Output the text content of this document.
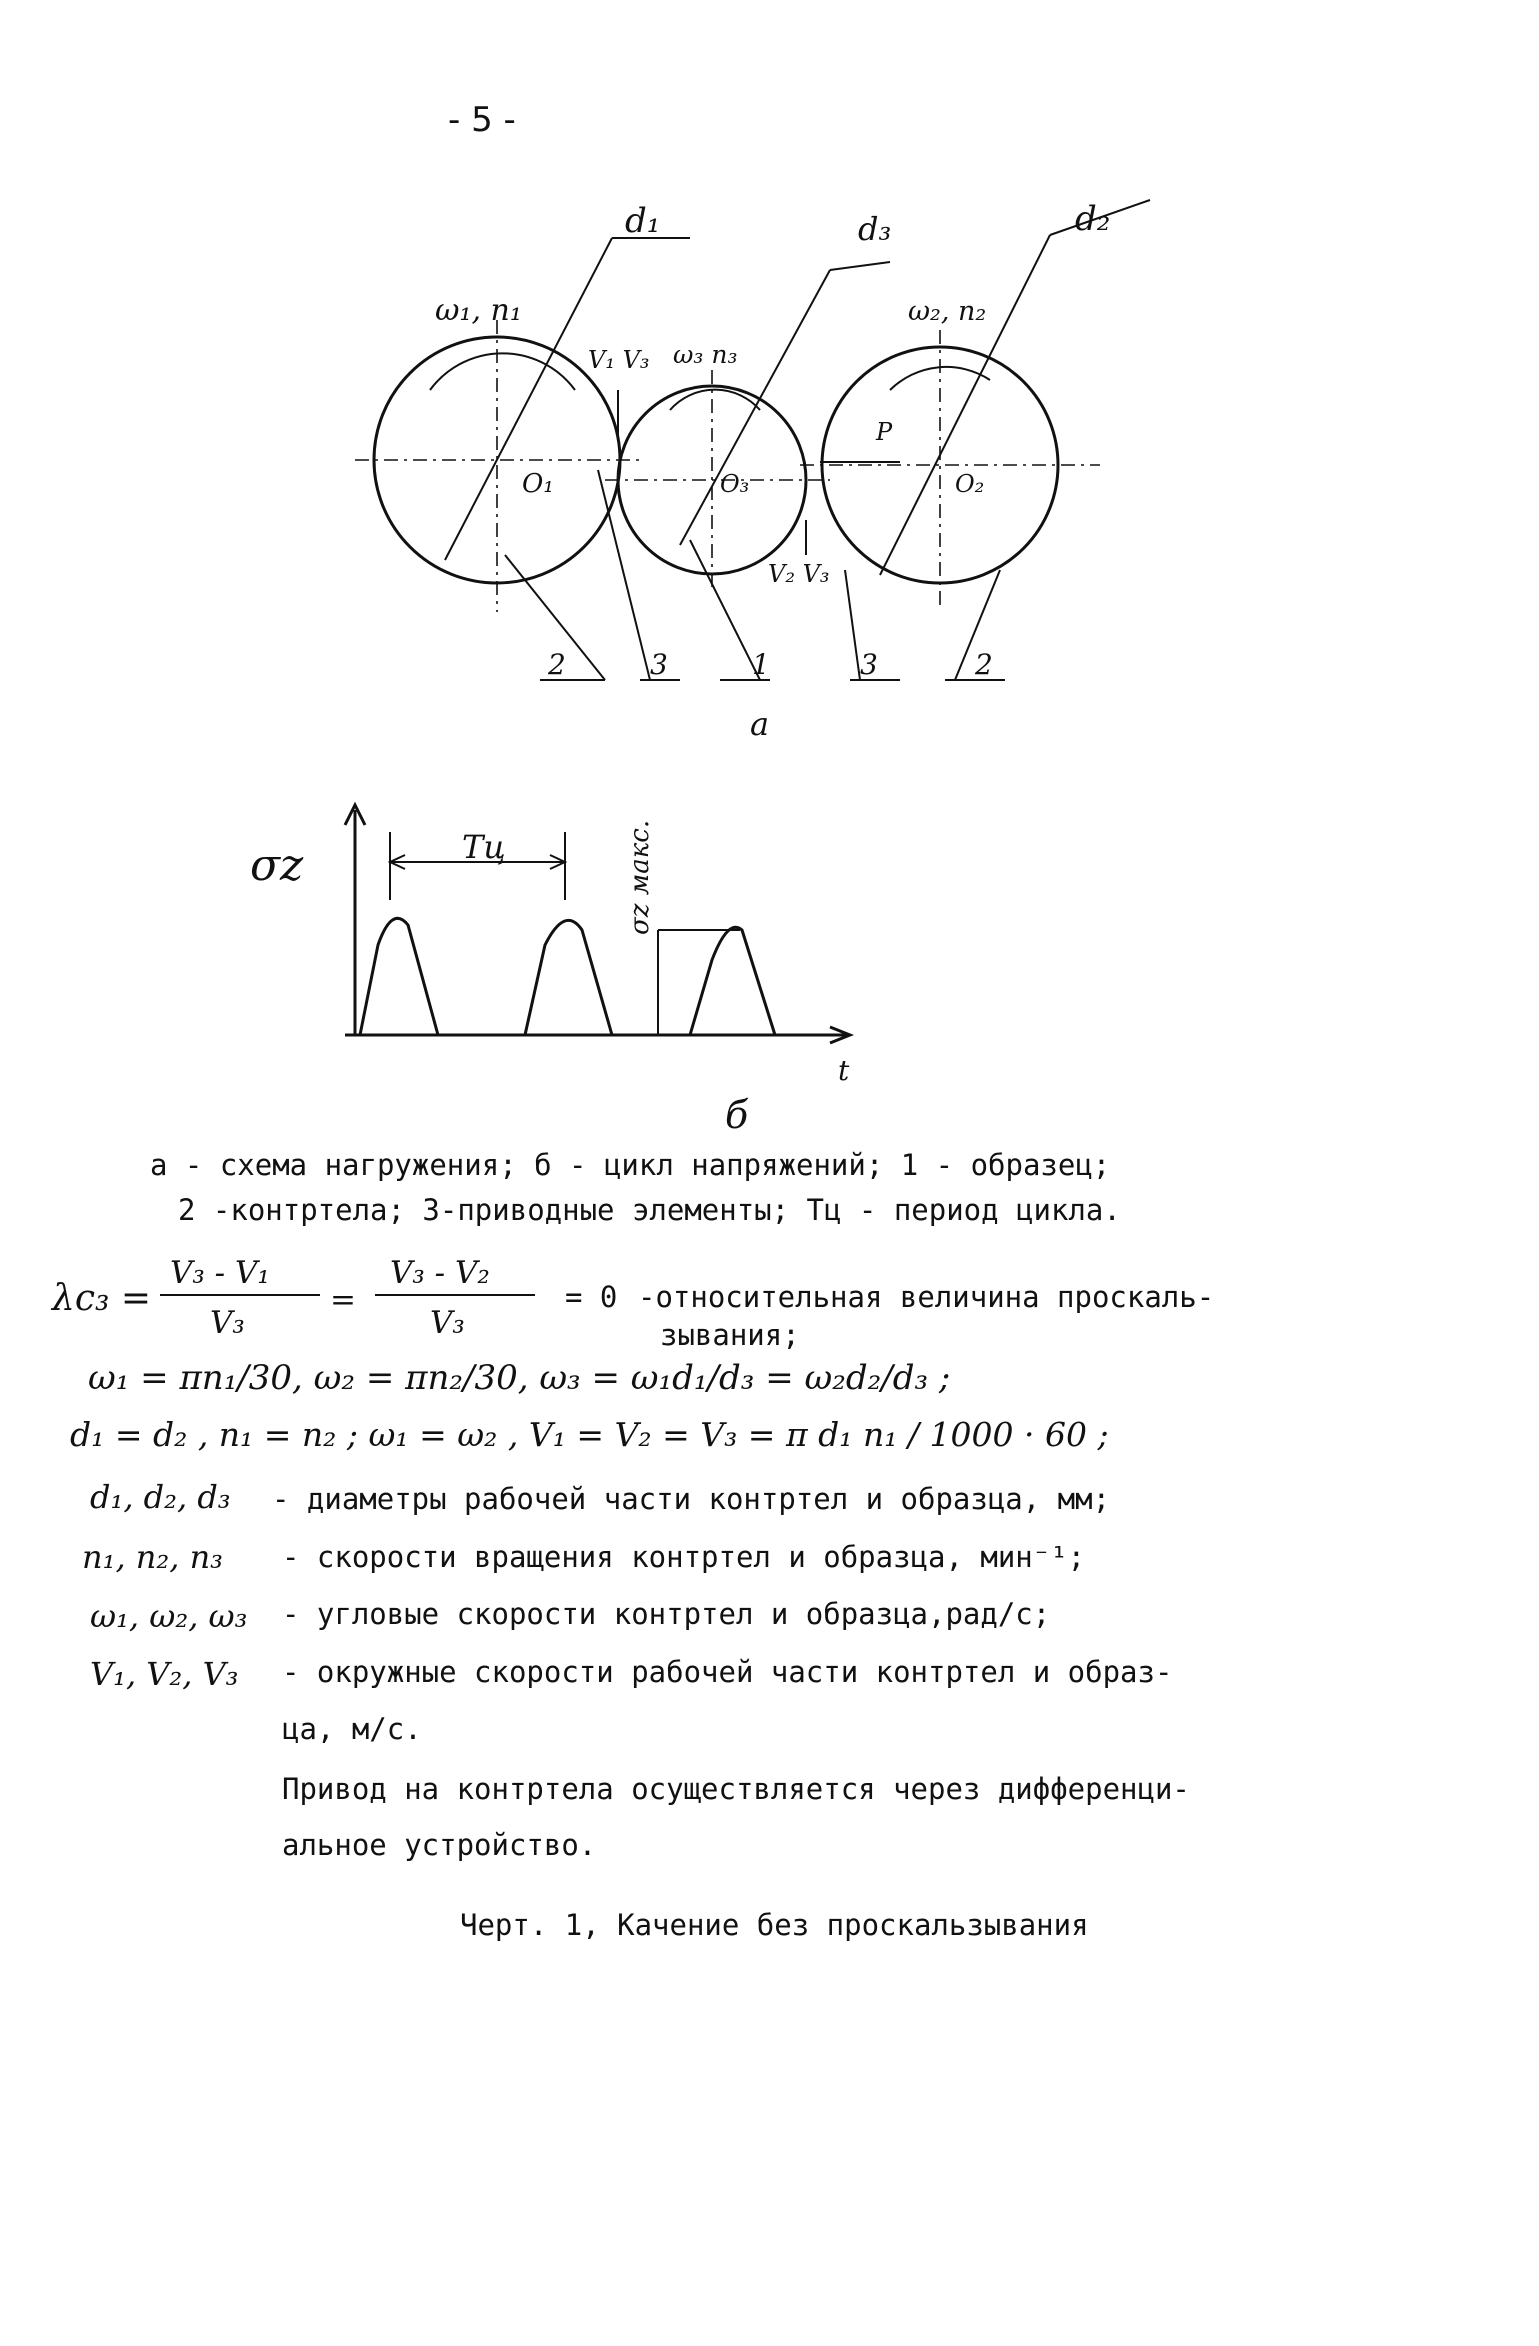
- 5 -
d₁	d₃	d₂
ω₁, n₁
ω₃ n₃
ω₂, n₂
V₁ V₃
V₂ V₃
O₁	O₃	O₂
P
2	3	1	3	2
а
σz	Tц	σz макс.
t
б
а - схема нагружения; б - цикл напряжений; 1 - образец;
2 -контртела; 3-приводные элементы; Tц - период цикла.
λc₃ =
V₃ - V₁
V₃
=
V₃ - V₂
V₃
= 0 -относительная величина проскаль-
зывания;
ω₁ = πn₁/30, ω₂ = πn₂/30, ω₃ = ω₁d₁/d₃ = ω₂d₂/d₃ ;
d₁ = d₂ , n₁ = n₂ ; ω₁ = ω₂ , V₁ = V₂ = V₃ = π d₁ n₁ / 1000 · 60 ;
d₁, d₂, d₃ - диаметры рабочей части контртел и образца, мм;
n₁, n₂, n₃ - скорости вращения контртел и образца, мин⁻¹;
ω₁, ω₂, ω₃ - угловые скорости контртел и образца,рад/с;
V₁, V₂, V₃ - окружные скорости рабочей части контртел и образ-
ца, м/с.
Привод на контртела осуществляется через дифференци-
альное устройство.
Черт. 1, Качение без проскальзывания
